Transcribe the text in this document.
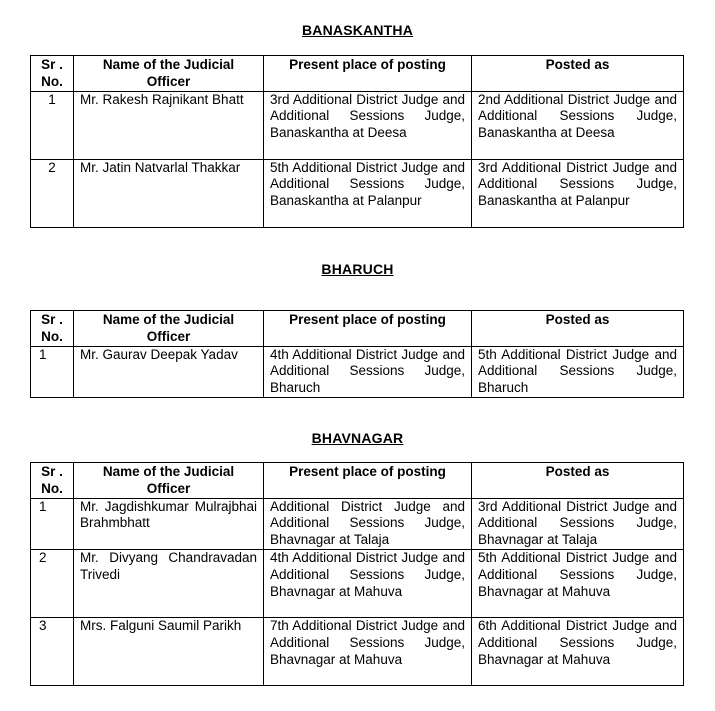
BANASKANTHA
Sr . No.	Name of the Judicial Officer	Present place of posting	Posted as
1	Mr. Rakesh Rajnikant Bhatt	3rd Additional District Judge and Additional Sessions Judge, Banaskantha at Deesa	2nd Additional District Judge and Additional Sessions Judge, Banaskantha at Deesa
2	Mr. Jatin Natvarlal Thakkar	5th Additional District Judge and Additional Sessions Judge, Banaskantha at Palanpur	3rd Additional District Judge and Additional Sessions Judge, Banaskantha at Palanpur
BHARUCH
Sr . No.	Name of the Judicial Officer	Present place of posting	Posted as
1	Mr. Gaurav Deepak Yadav	4th Additional District Judge and Additional Sessions Judge, Bharuch	5th Additional District Judge and Additional Sessions Judge, Bharuch
BHAVNAGAR
Sr . No.	Name of the Judicial Officer	Present place of posting	Posted as
1	Mr. Jagdishkumar Mulrajbhai Brahmbhatt	Additional District Judge and Additional Sessions Judge, Bhavnagar at Talaja	3rd Additional District Judge and Additional Sessions Judge, Bhavnagar at Talaja
2	Mr. Divyang Chandravadan Trivedi	4th Additional District Judge and Additional Sessions Judge, Bhavnagar at Mahuva	5th Additional District Judge and Additional Sessions Judge, Bhavnagar at Mahuva
3	Mrs. Falguni Saumil Parikh	7th Additional District Judge and Additional Sessions Judge, Bhavnagar at Mahuva	6th Additional District Judge and Additional Sessions Judge, Bhavnagar at Mahuva
